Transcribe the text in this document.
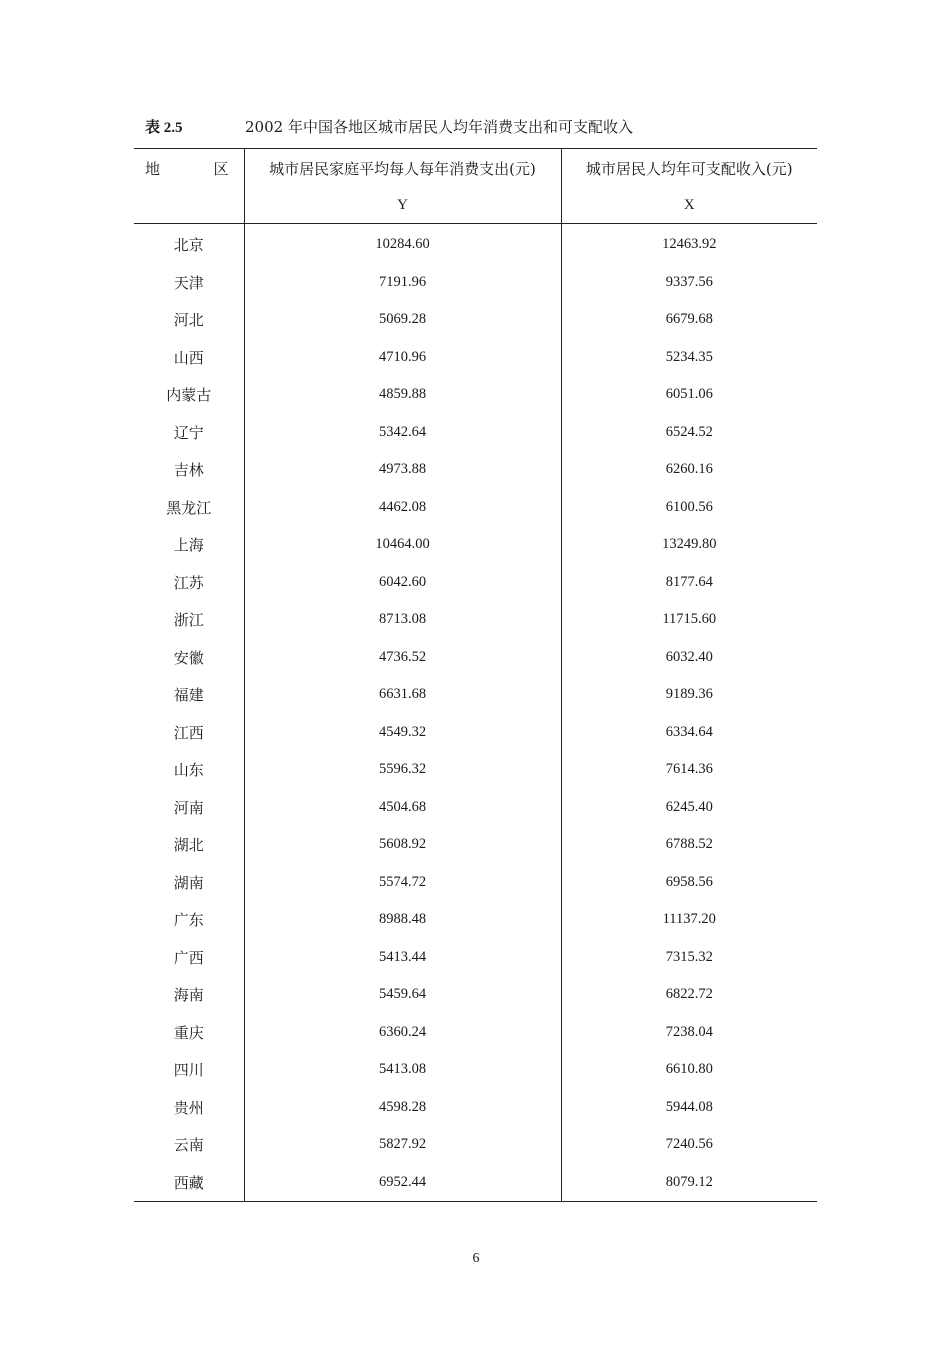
表 2.5	2002 年中国各地区城市居民人均年消费支出和可支配收入
地 区	城市居民家庭平均每人每年消费支出(元)	城市居民人均年可支配收入(元)
	Y	X
北京	10284.60	12463.92
天津	7191.96	9337.56
河北	5069.28	6679.68
山西	4710.96	5234.35
内蒙古	4859.88	6051.06
辽宁	5342.64	6524.52
吉林	4973.88	6260.16
黑龙江	4462.08	6100.56
上海	10464.00	13249.80
江苏	6042.60	8177.64
浙江	8713.08	11715.60
安徽	4736.52	6032.40
福建	6631.68	9189.36
江西	4549.32	6334.64
山东	5596.32	7614.36
河南	4504.68	6245.40
湖北	5608.92	6788.52
湖南	5574.72	6958.56
广东	8988.48	11137.20
广西	5413.44	7315.32
海南	5459.64	6822.72
重庆	6360.24	7238.04
四川	5413.08	6610.80
贵州	4598.28	5944.08
云南	5827.92	7240.56
西藏	6952.44	8079.12
6
